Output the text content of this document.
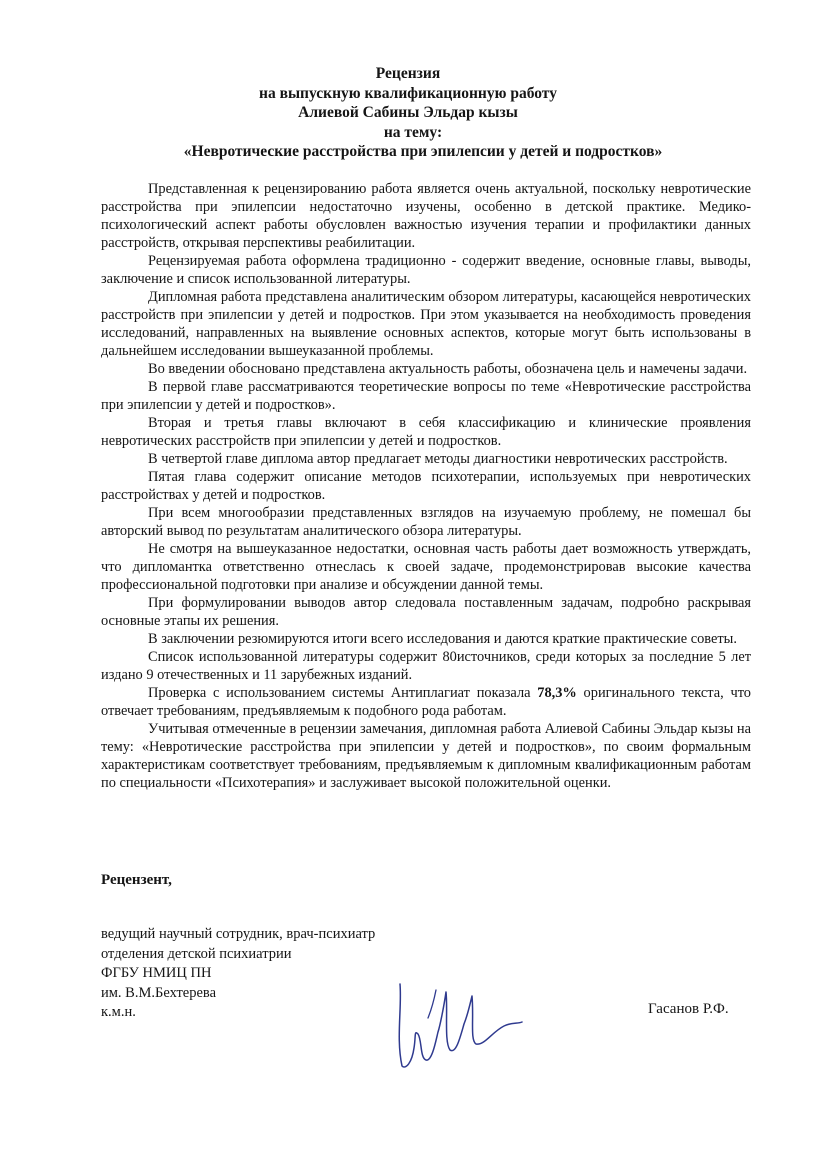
Рецензия
на выпускную квалификационную работу
Алиевой Сабины Эльдар кызы
на тему:
«Невротические расстройства при эпилепсии у детей и подростков»

Представленная к рецензированию работа является очень актуальной, поскольку невротические расстройства при эпилепсии недостаточно изучены, особенно в детской практике. Медико-психологический аспект работы обусловлен важностью изучения терапии и профилактики данных расстройств, открывая перспективы реабилитации.

Рецензируемая работа оформлена традиционно - содержит введение, основные главы, выводы, заключение и список использованной литературы.

Дипломная работа представлена аналитическим обзором литературы, касающейся невротических расстройств при эпилепсии у детей и подростков. При этом указывается на необходимость проведения исследований, направленных на выявление основных аспектов, которые могут быть использованы в дальнейшем исследовании вышеуказанной проблемы.

Во введении обосновано представлена актуальность работы, обозначена цель и намечены задачи.

В первой главе рассматриваются теоретические вопросы по теме «Невротические расстройства при эпилепсии у детей и подростков».

Вторая и третья главы включают в себя классификацию и клинические проявления невротических расстройств при эпилепсии у детей и подростков.

В четвертой главе диплома автор предлагает методы диагностики невротических расстройств.

Пятая глава содержит описание методов психотерапии, используемых при невротических расстройствах у детей и подростков.

При всем многообразии представленных взглядов на изучаемую проблему, не помешал бы авторский вывод по результатам аналитического обзора литературы.

Не смотря на вышеуказанное недостатки, основная часть работы дает возможность утверждать, что дипломантка ответственно отнеслась к своей задаче, продемонстрировав высокие качества профессиональной подготовки при анализе и обсуждении данной темы.

При формулировании выводов автор следовала поставленным задачам, подробно раскрывая основные этапы их решения.

В заключении резюмируются итоги всего исследования и даются краткие практические советы.

Список использованной литературы содержит 80источников, среди которых за последние 5 лет издано 9 отечественных и 11 зарубежных изданий.

Проверка с использованием системы Антиплагиат показала 78,3% оригинального текста, что отвечает требованиям, предъявляемым к подобного рода работам.

Учитывая отмеченные в рецензии замечания, дипломная работа Алиевой Сабины Эльдар кызы на тему: «Невротические расстройства при эпилепсии у детей и подростков», по своим формальным характеристикам соответствует требованиям, предъявляемым к дипломным квалификационным работам по специальности «Психотерапия» и заслуживает высокой положительной оценки.

Рецензент,
ведущий научный сотрудник, врач-психиатр
отделения детской психиатрии
ФГБУ НМИЦ ПН
им. В.М.Бехтерева
к.м.н.	Гасанов Р.Ф.
